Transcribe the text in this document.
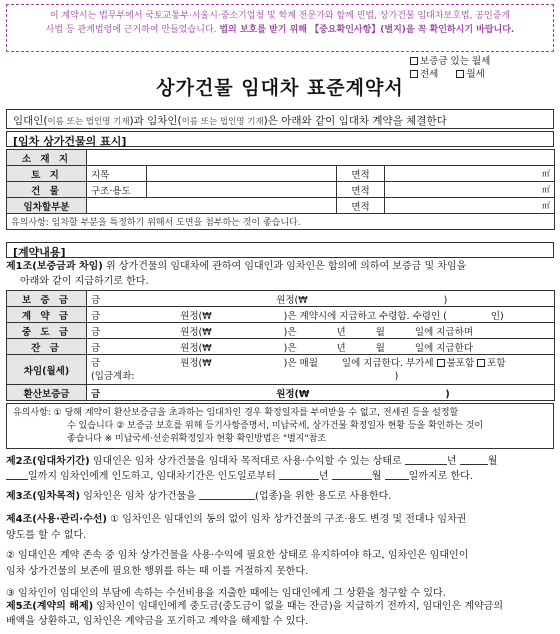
이 계약서는 법무부에서 국토교통부·서울시·중소기업청 및 학계 전문가와 함께 민법, 상가건물 임대차보호법, 공인중개
사법 등 관계법령에 근거하여 만들었습니다. 법의 보호를 받기 위해 【중요확인사항】(별지)을 꼭 확인하시기 바랍니다.
보증금 있는 월세
전세	월세
상가건물 임대차 표준계약서
임대인(이름 또는 법인명 기재)과 임차인(이름 또는 법인명 기재)은 아래와 같이 임대차 계약을 체결한다
[임차 상가건물의 표시]
소 재 지				
토 지	지목		면적	㎡
건 물	구조·용도		면적	㎡
임차할부분			면적	㎡
유의사항: 임차할 부분을 특정하기 위해서 도면을 첨부하는 것이 좋습니다.				
[계약내용]
제1조(보증금과 차임) 위 상가건물의 임대차에 관하여 임대인과 임차인은 합의에 의하여 보증금 및 차임을
아래와 같이 지급하기로 한다.
보 증 금	금 원정(₩ )
계 약 금	금 원정(₩ )은 계약시에 지급하고 수령함. 수령인 ( 인)
중 도 금	금 원정(₩ )은 년 월 일에 지급하며
잔 금	금 원정(₩ )은 년 월 일에 지급한다
차임(월세)	금 원정(₩ )은 매월 일에 지급한다. 부가세 불포함 포함
(입금계좌: )

환산보증금	금 원정(₩ )
유의사항: ① 당해 계약이 환산보증금을 초과하는 임대차인 경우 확정일자를 부여받을 수 없고, 전세권 등을 설정할
수 있습니다 ② 보증금 보호를 위해 등기사항증명서, 미납국세, 상가건물 확정일자 현황 등을 확인하는 것이
좋습니다 ※ 미납국세·선순위확정일자 현황 확인방법은 "별지"참조
제2조(임대차기간) 임대인은 임차 상가건물을 임대차 목적대로 사용·수익할 수 있는 상태로	년	월
일까지 임차인에게 인도하고, 임대차기간은 인도일로부터	년	월	일까지로 한다.
제3조(임차목적) 임차인은 임차 상가건물을	(업종)을 위한 용도로 사용한다.
제4조(사용·관리·수선) ① 임차인은 임대인의 동의 없이 임차 상가건물의 구조·용도 변경 및 전대나 임차권
양도를 할 수 없다.
② 임대인은 계약 존속 중 임차 상가건물을 사용·수익에 필요한 상태로 유지하여야 하고, 임차인은 임대인이
임차 상가건물의 보존에 필요한 행위를 하는 때 이를 거절하지 못한다.
③ 임차인이 임대인의 부담에 속하는 수선비용을 지출한 때에는 임대인에게 그 상환을 청구할 수 있다.
제5조(계약의 해제) 임차인이 임대인에게 중도금(중도금이 없을 때는 잔금)을 지급하기 전까지, 임대인은 계약금의
배액을 상환하고, 임차인은 계약금을 포기하고 계약을 해제할 수 있다.
